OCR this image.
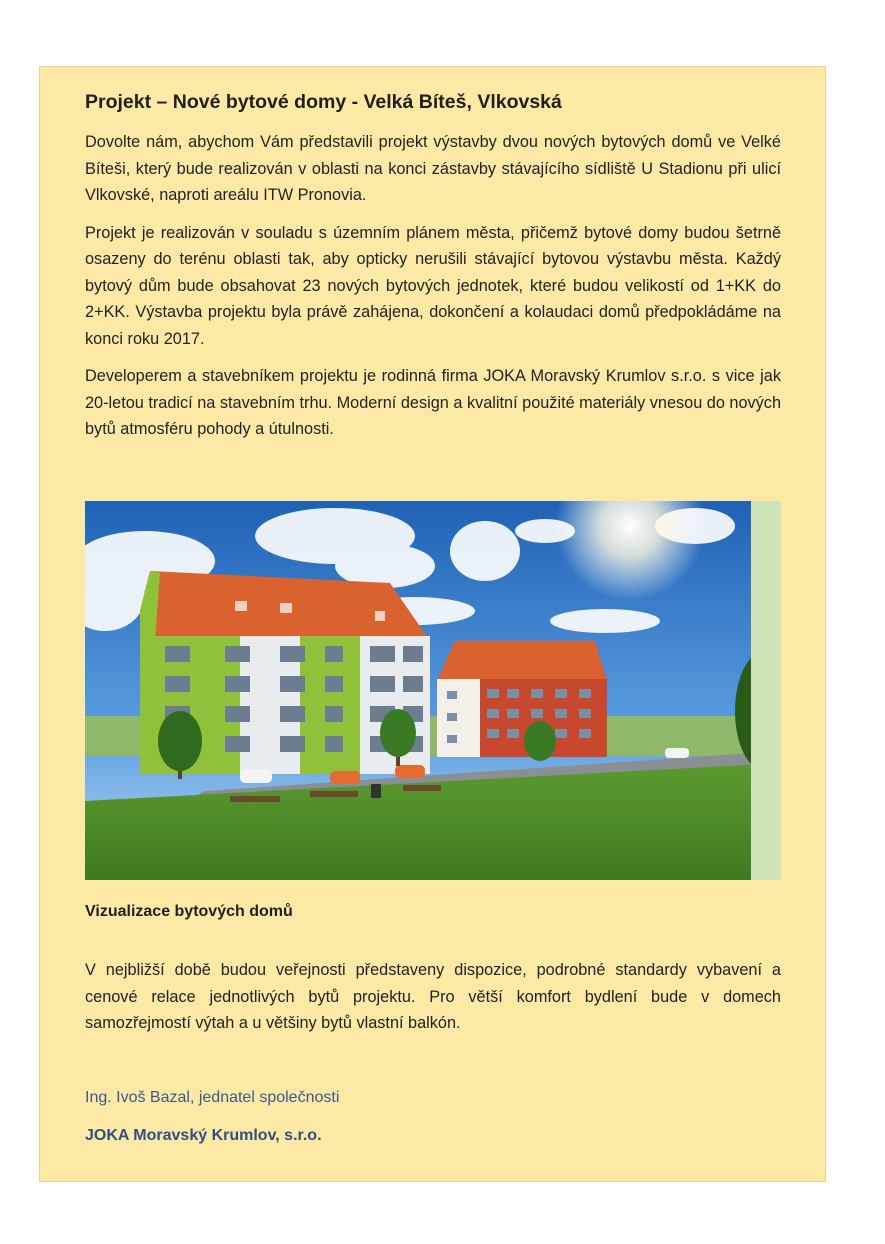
Projekt – Nové bytové domy - Velká Bíteš, Vlkovská

Dovolte nám, abychom Vám představili projekt výstavby dvou nových bytových domů ve Velké Bíteši, který bude realizován v oblasti na konci zástavby stávajícího sídliště U Stadionu při ulicí Vlkovské, naproti areálu ITW Pronovia.

Projekt je realizován v souladu s územním plánem města, přičemž bytové domy budou šetrně osazeny do terénu oblasti tak, aby opticky nerušili stávající bytovou výstavbu města. Každý bytový dům bude obsahovat 23 nových bytových jednotek, které budou velikostí od 1+KK do 2+KK. Výstavba projektu byla právě zahájena, dokončení a kolaudaci domů předpokládáme na konci roku 2017.

Developerem a stavebníkem projektu je rodinná firma JOKA Moravský Krumlov s.r.o. s vice jak 20-letou tradicí na stavebním trhu. Moderní design a kvalitní použité materiály vnesou do nových bytů atmosféru pohody a útulnosti.

Vizualizace bytových domů

V nejbližší době budou veřejnosti představeny dispozice, podrobné standardy vybavení a cenové relace jednotlivých bytů projektu. Pro větší komfort bydlení bude v domech samozřejmostí výtah a u většiny bytů vlastní balkón.

Ing. Ivoš Bazal, jednatel společnosti
JOKA Moravský Krumlov, s.r.o.
